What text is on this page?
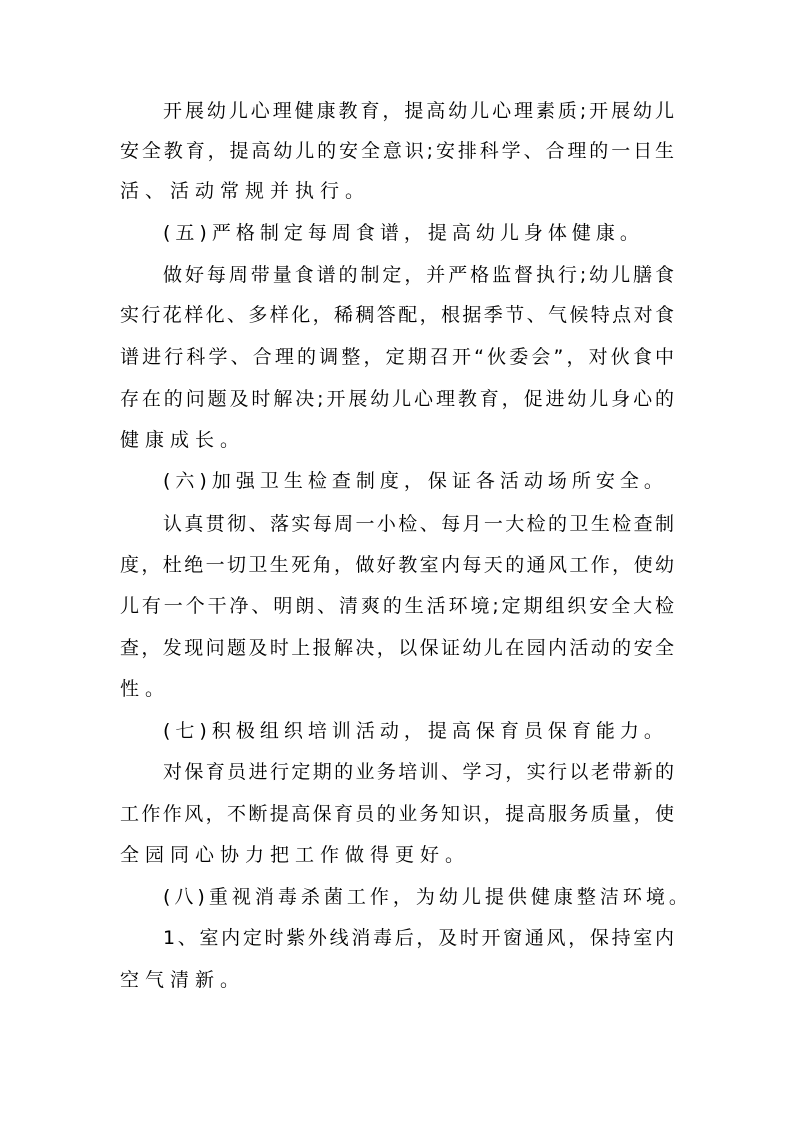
开展幼儿心理健康教育，提高幼儿心理素质;开展幼儿
安全教育，提高幼儿的安全意识;安排科学、合理的一日生
活、活动常规并执行。
(五)严格制定每周食谱，提高幼儿身体健康。
做好每周带量食谱的制定，并严格监督执行;幼儿膳食
实行花样化、多样化，稀稠答配，根据季节、气候特点对食
谱进行科学、合理的调整，定期召开“伙委会”，对伙食中
存在的问题及时解决;开展幼儿心理教育，促进幼儿身心的
健康成长。
(六)加强卫生检查制度，保证各活动场所安全。
认真贯彻、落实每周一小检、每月一大检的卫生检查制
度，杜绝一切卫生死角，做好教室内每天的通风工作，使幼
儿有一个干净、明朗、清爽的生活环境;定期组织安全大检
查，发现问题及时上报解决，以保证幼儿在园内活动的安全
性。
(七)积极组织培训活动，提高保育员保育能力。
对保育员进行定期的业务培训、学习，实行以老带新的
工作作风，不断提高保育员的业务知识，提高服务质量，使
全园同心协力把工作做得更好。
(八)重视消毒杀菌工作，为幼儿提供健康整洁环境。
1、室内定时紫外线消毒后，及时开窗通风，保持室内
空气清新。
